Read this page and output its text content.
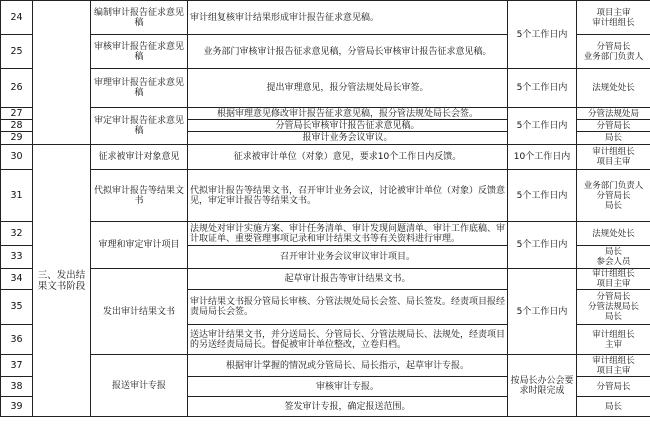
24		编制审计报告征求意见稿	审计组复核审计结果形成审计报告征求意见稿。	5个工作日内	项目主审
审计组组长
25		审核审计报告征求意见稿	业务部门审核审计报告征求意见稿，分管局长审核审计报告征求意见稿。		分管局长
业务部门负责人
26		审理审计报告征求意见稿	提出审理意见，报分管法规处局长审签。	5个工作日内	法规处处长
27		审定审计报告征求意见稿	根据审理意见修改审计报告征求意见稿，报分管法规处局长会签。	5个工作日内	分管法规处局
28			分管局长审核审计报告征求意见稿。		分管局长
29			报审计业务会议审议。		局长
30	三、发出结果文书阶段	征求被审计对象意见	征求被审计单位（对象）意见，要求10个工作日内反馈。	10个工作日内	审计组组长
项目主审
31		代拟审计报告等结果文书	代拟审计报告等结果文书，召开审计业务会议，讨论被审计单位（对象）反馈意见，审定审计报告等结果文书。	5个工作日内	业务部门负责人
分管局长
局长
32		审理和审定审计项目	法规处对审计实施方案、审计任务清单、审计发现问题清单、审计工作底稿、审计取证单、重要管理事项记录和审计结果文书等有关资料进行审理。	5个工作日内	法规处处长
33			召开审计业务会议审议审计项目。		局长
参会人员
34		发出审计结果文书	起草审计报告等审计结果文书。	5个工作日内	审计组组长
项目主审
35			审计结果文书报分管局长审核、分管法规处局长会签、局长签发。经责项目报经责局局长会签。		分管局长
分管法规局长
局长
36			送达审计结果文书，并分送局长、分管局长、分管法规局长、法规处，经责项目的另送经责局局长。督促被审计单位整改，立卷归档。		审计组组长
主审
37		报送审计专报	根据审计掌握的情况或分管局长、局长指示，起草审计专报。	按局长办公会要求时限完成	审计组组长
项目主审
38			审核审计专报。		分管局长
39			签发审计专报，确定报送范围。		局长
